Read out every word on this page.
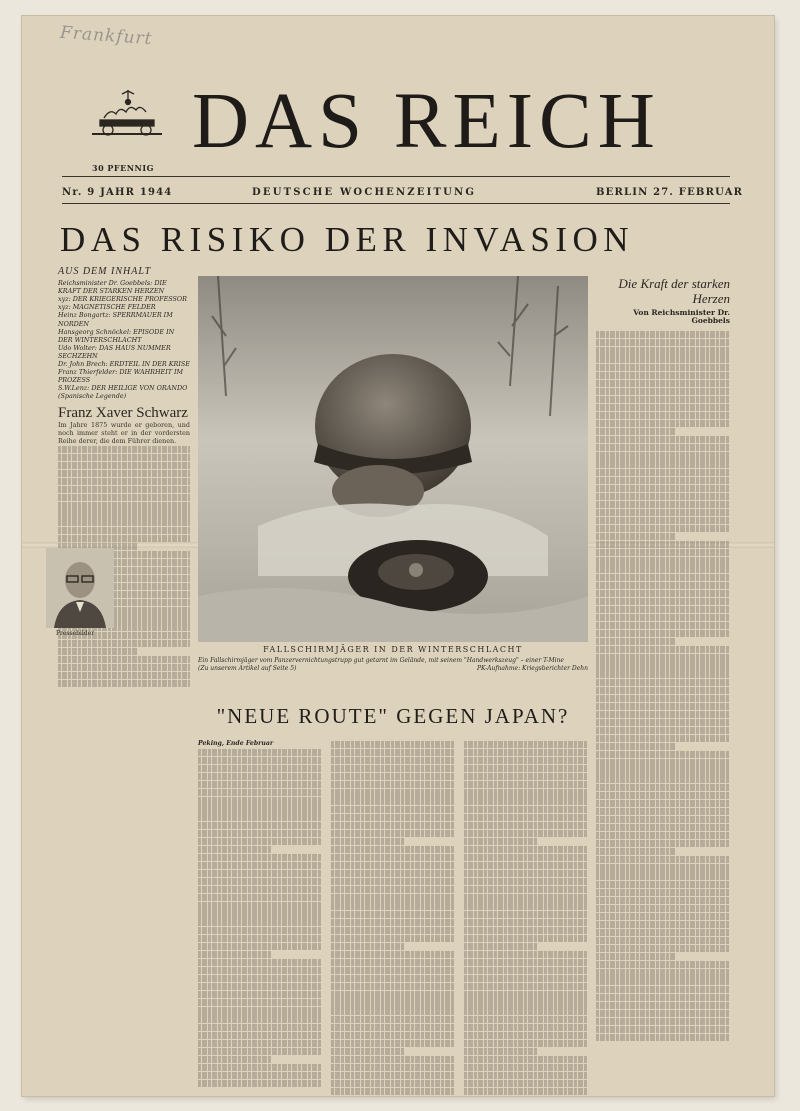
Frankfurt
30 PFENNIG
DAS REICH
Nr. 9 JAHR 1944	DEUTSCHE WOCHENZEITUNG	BERLIN 27. FEBRUAR
DAS RISIKO DER INVASION
AUS DEM INHALT
Reichsminister Dr. Goebbels: DIE KRAFT DER STARKEN HERZEN
xyz: DER KRIEGERISCHE PROFESSOR
xyz: MAGNETISCHE FELDER
Heinz Bongartz: SPERRMAUER IM NORDEN
Hansgeorg Schnöckel: EPISODE IN DER WINTERSCHLACHT
Udo Wolter: DAS HAUS NUMMER SECHZEHN
Dr. John Brech: ERDTEIL IN DER KRISE
Franz Thierfelder: DIE WAHRHEIT IM PROZESS
S.W.Lenz: DER HEILIGE VON ORANDO (Spanische Legende)
Franz Xaver Schwarz
Im Jahre 1875 wurde er geboren, und noch immer steht er in der vordersten Reihe derer, die dem Führer dienen.
Pressebilder
FALLSCHIRMJÄGER IN DER WINTERSCHLACHT
Ein Fallschirmjäger vom Panzervernichtungstrupp gut getarnt im Gelände, mit seinem "Handwerkszeug" – einer T-Mine
(Zu unserem Artikel auf Seite 5)	PK-Aufnahme: Kriegsberichter Dehn
Die Kraft der starken Herzen
Von Reichsminister Dr. Goebbels
"NEUE ROUTE" GEGEN JAPAN?
Peking, Ende Februar
